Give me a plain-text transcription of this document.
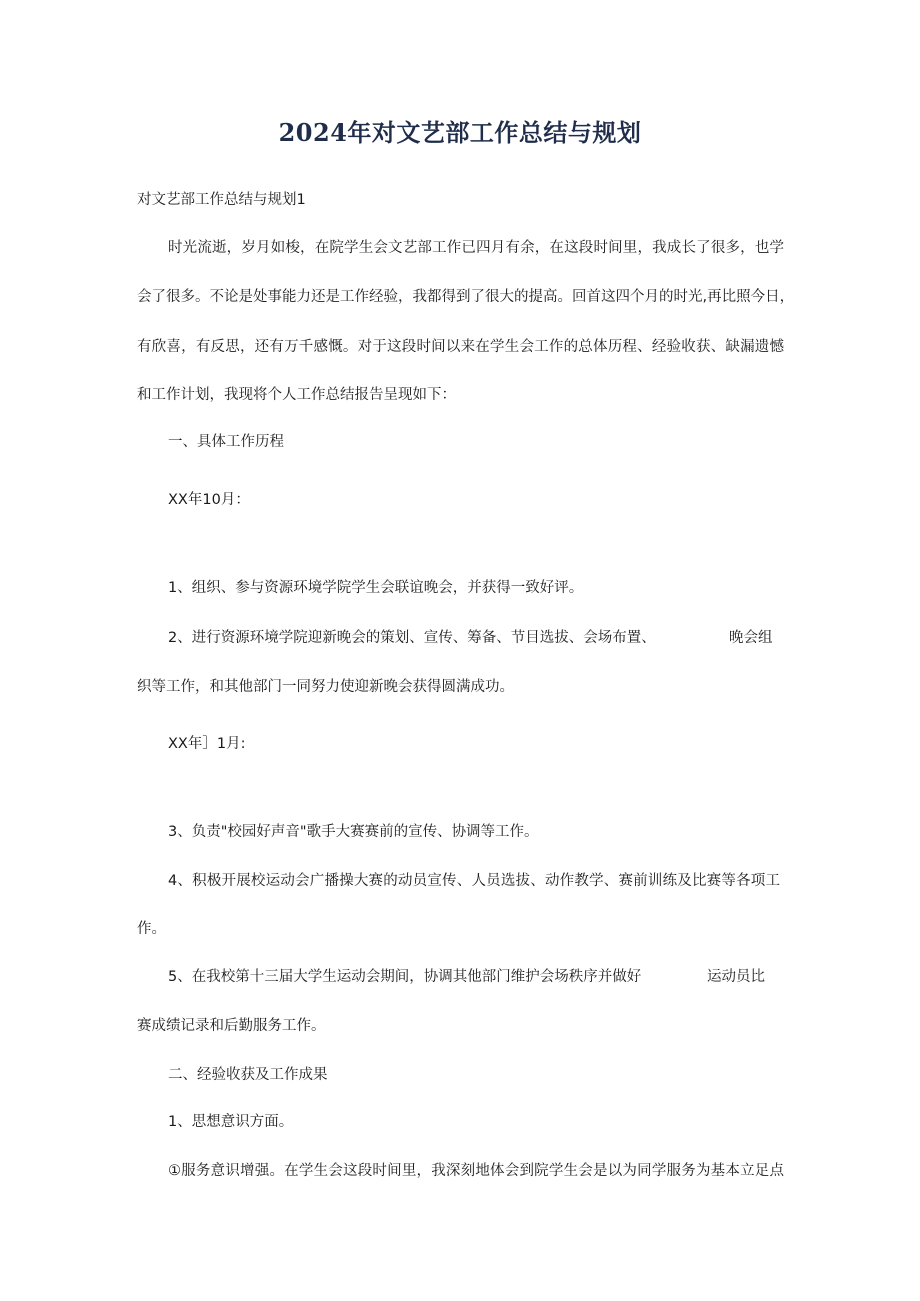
2024年对文艺部工作总结与规划
对文艺部工作总结与规划1
时光流逝，岁月如梭，在院学生会文艺部工作已四月有余，在这段时间里，我成长了很多，也学
会了很多。不论是处事能力还是工作经验，我都得到了很大的提高。回首这四个月的时光,再比照今日，
有欣喜，有反思，还有万千感慨。对于这段时间以来在学生会工作的总体历程、经验收获、缺漏遗憾
和工作计划，我现将个人工作总结报告呈现如下：
一、具体工作历程
XX年10月：
1、组织、参与资源环境学院学生会联谊晚会，并获得一致好评。
2、进行资源环境学院迎新晚会的策划、宣传、筹备、节目选拔、会场布置、	晚会组
织等工作，和其他部门一同努力使迎新晚会获得圆满成功。
XX年］1月:
3、负责"校园好声音"歌手大赛赛前的宣传、协调等工作。
4、积极开展校运动会广播操大赛的动员宣传、人员选拔、动作教学、赛前训练及比赛等各项工
作。
5、在我校第十三届大学生运动会期间，协调其他部门维护会场秩序并做好	运动员比
赛成绩记录和后勤服务工作。
二、经验收获及工作成果
1、思想意识方面。
①服务意识增强。在学生会这段时间里，我深刻地体会到院学生会是以为同学服务为基本立足点
